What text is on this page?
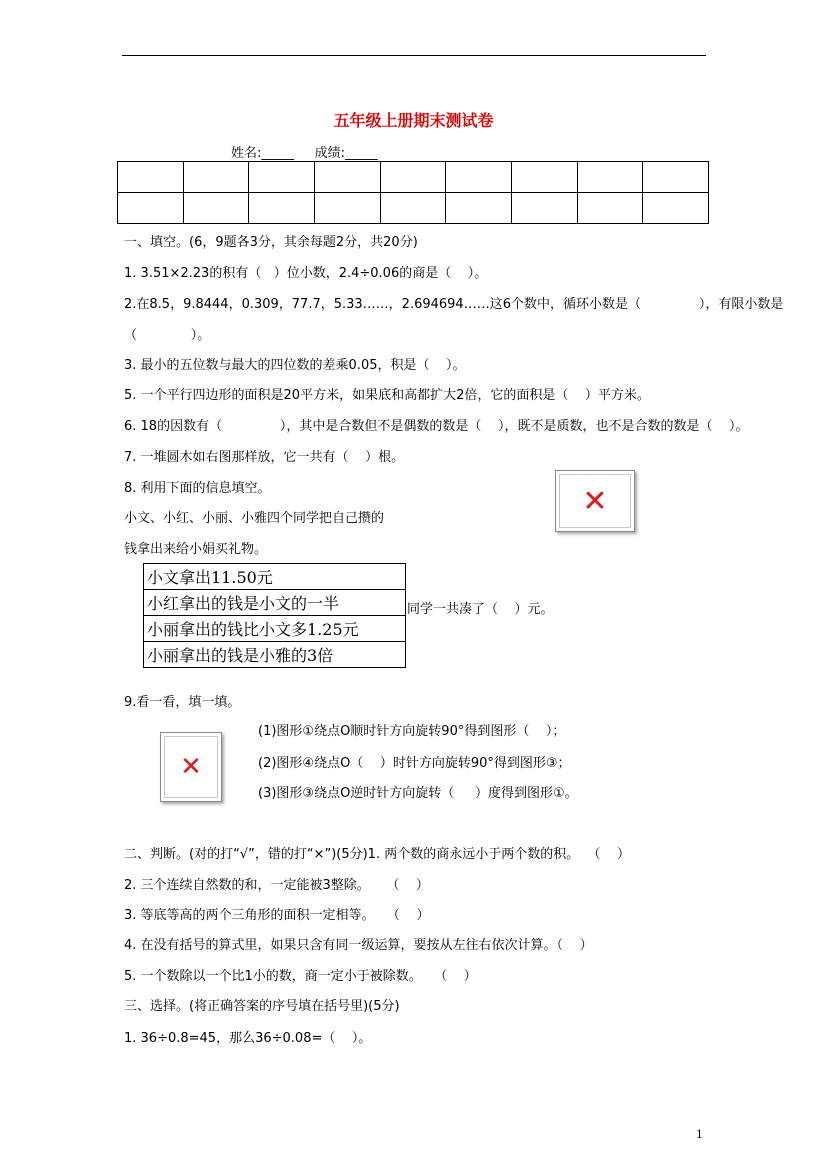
五年级上册期末测试卷
姓名:_____ 成绩:_____

一、填空。(6，9题各3分，其余每题2分，共20分)
1. 3.51×2.23的积有（   ）位小数，2.4÷0.06的商是（    ）。
2.在8.5，9.8444，0.309，77.7，5.33……，2.694694……这6个数中，循环小数是（              ），有限小数是
（             ）。
3. 最小的五位数与最大的四位数的差乘0.05，积是（    ）。
5. 一个平行四边形的面积是20平方米，如果底和高都扩大2倍，它的面积是（    ）平方米。
6. 18的因数有（              ），其中是合数但不是偶数的数是（    ），既不是质数，也不是合数的数是（    ）。
7. 一堆圆木如右图那样放，它一共有（    ）根。
8. 利用下面的信息填空。
小文、小红、小丽、小雅四个同学把自己攒的
钱拿出来给小娟买礼物。
✕
小文拿出11.50元
小红拿出的钱是小文的一半
小丽拿出的钱比小文多1.25元
小丽拿出的钱是小雅的3倍
同学一共凑了（    ）元。
9.看一看，填一填。
✕
(1)图形①绕点O顺时针方向旋转90°得到图形（    ）；
(2)图形④绕点O（    ）时针方向旋转90°得到图形③；
(3)图形③绕点O逆时针方向旋转（     ）度得到图形①。
二、判断。(对的打“√”，错的打“×”)(5分)1. 两个数的商永远小于两个数的积。  （    ）
2. 三个连续自然数的和，一定能被3整除。    （    ）
3. 等底等高的两个三角形的面积一定相等。   （    ）
4. 在没有括号的算式里，如果只含有同一级运算，要按从左往右依次计算。（    ）
5. 一个数除以一个比1小的数，商一定小于被除数。   （    ）
三、选择。(将正确答案的序号填在括号里)(5分)
1. 36÷0.8=45，那么36÷0.08=（    ）。
1
